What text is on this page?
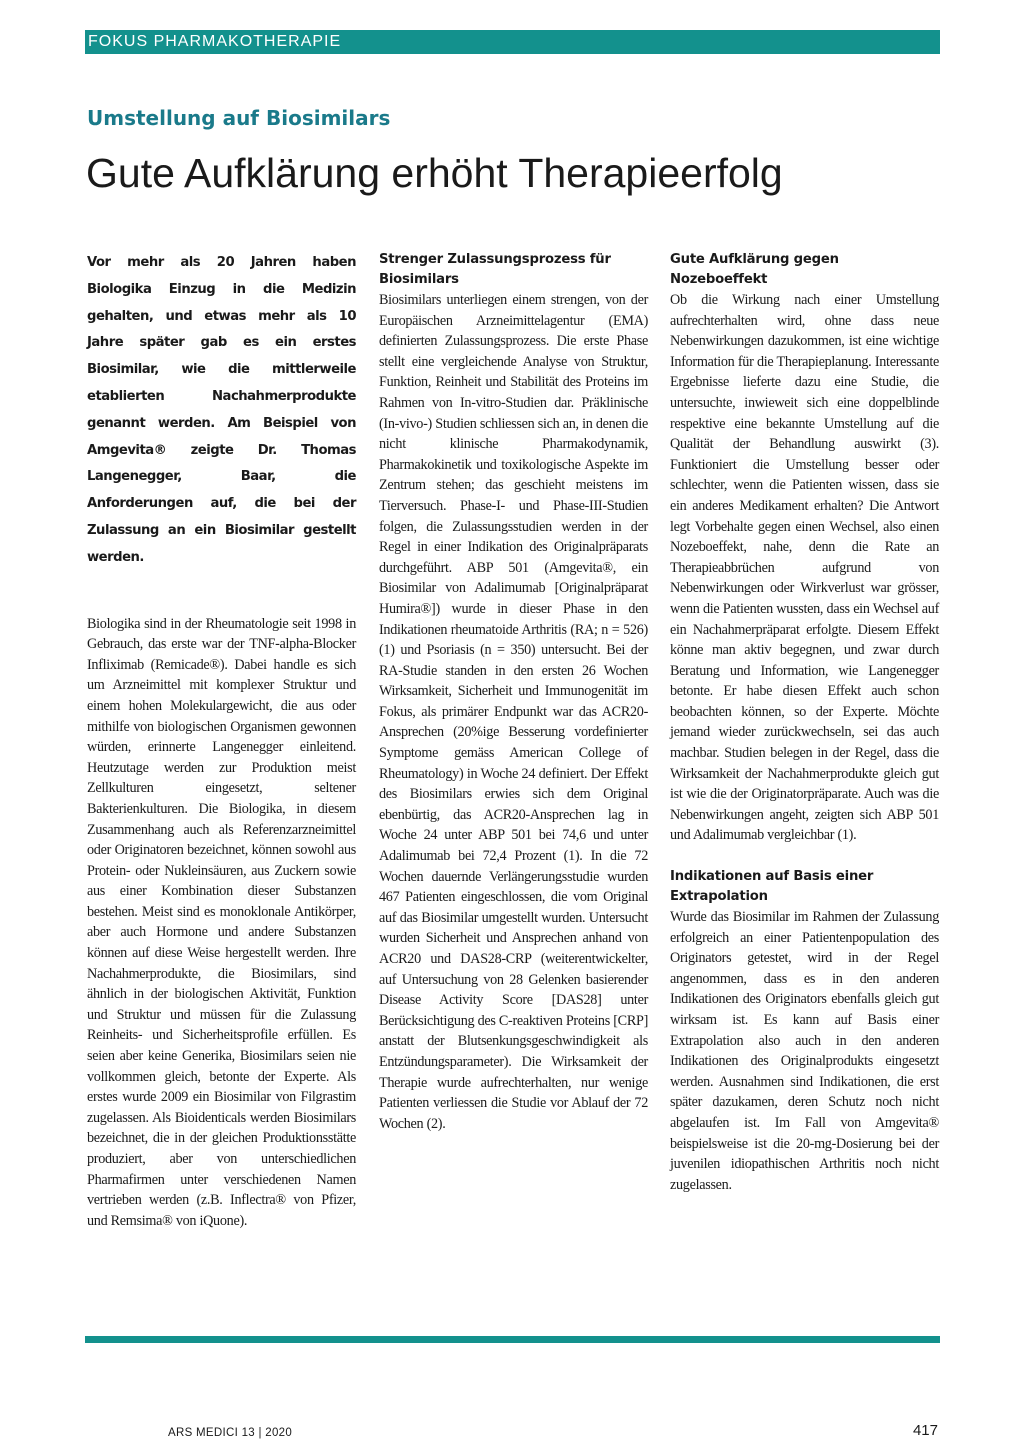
FOKUS PHARMAKOTHERAPIE
Umstellung auf Biosimilars
Gute Aufklärung erhöht Therapieerfolg

Vor mehr als 20 Jahren haben Biologika Einzug in die Medizin gehalten, und etwas mehr als 10 Jahre später gab es ein erstes Biosimilar, wie die mittlerweile etablierten Nachahmerprodukte genannt werden. Am Beispiel von Amgevita® zeigte Dr. Thomas Langenegger, Baar, die Anforderungen auf, die bei der Zulassung an ein Biosimilar gestellt werden.

Biologika sind in der Rheumatologie seit 1998 in Gebrauch, das erste war der TNF-alpha-Blocker Infliximab (Remicade®). Dabei handle es sich um Arzneimittel mit komplexer Struktur und einem hohen Molekulargewicht, die aus oder mithilfe von biologischen Organismen gewonnen würden, erinnerte Langenegger einleitend. Heutzutage werden zur Produktion meist Zellkulturen eingesetzt, seltener Bakterienkulturen. Die Biologika, in diesem Zusammenhang auch als Referenzarzneimittel oder Originatoren bezeichnet, können sowohl aus Protein- oder Nukleinsäuren, aus Zuckern sowie aus einer Kombination dieser Substanzen bestehen. Meist sind es monoklonale Antikörper, aber auch Hormone und andere Substanzen können auf diese Weise hergestellt werden. Ihre Nachahmerprodukte, die Biosimilars, sind ähnlich in der biologischen Aktivität, Funktion und Struktur und müssen für die Zulassung Reinheits- und Sicherheitsprofile erfüllen. Es seien aber keine Generika, Biosimilars seien nie vollkommen gleich, betonte der Experte. Als erstes wurde 2009 ein Biosimilar von Filgrastim zugelassen. Als Bioidenticals werden Biosimilars bezeichnet, die in der gleichen Produktionsstätte produziert, aber von unterschiedlichen Pharmafirmen unter verschiedenen Namen vertrieben werden (z.B. Inflectra® von Pfizer, und Remsima® von iQuone).

Strenger Zulassungsprozess für Biosimilars

Biosimilars unterliegen einem strengen, von der Europäischen Arzneimittelagentur (EMA) definierten Zulassungsprozess. Die erste Phase stellt eine vergleichende Analyse von Struktur, Funktion, Reinheit und Stabilität des Proteins im Rahmen von In-vitro-Studien dar. Präklinische (In-vivo-) Studien schliessen sich an, in denen die nicht klinische Pharmakodynamik, Pharmakokinetik und toxikologische Aspekte im Zentrum stehen; das geschieht meistens im Tierversuch. Phase-I- und Phase-III-Studien folgen, die Zulassungsstudien werden in der Regel in einer Indikation des Originalpräparats durchgeführt. ABP 501 (Amgevita®, ein Biosimilar von Adalimumab [Originalpräparat Humira®]) wurde in dieser Phase in den Indikationen rheumatoide Arthritis (RA; n = 526) (1) und Psoriasis (n = 350) untersucht. Bei der RA-Studie standen in den ersten 26 Wochen Wirksamkeit, Sicherheit und Immunogenität im Fokus, als primärer Endpunkt war das ACR20-Ansprechen (20%ige Besserung vordefinierter Symptome gemäss American College of Rheumatology) in Woche 24 definiert. Der Effekt des Biosimilars erwies sich dem Original ebenbürtig, das ACR20-Ansprechen lag in Woche 24 unter ABP 501 bei 74,6 und unter Adalimumab bei 72,4 Prozent (1). In die 72 Wochen dauernde Verlängerungsstudie wurden 467 Patienten eingeschlossen, die vom Original auf das Biosimilar umgestellt wurden. Untersucht wurden Sicherheit und Ansprechen anhand von ACR20 und DAS28-CRP (weiterentwickelter, auf Untersuchung von 28 Gelenken basierender Disease Activity Score [DAS28] unter Berücksichtigung des C-reaktiven Proteins [CRP] anstatt der Blutsenkungsgeschwindigkeit als Entzündungsparameter). Die Wirksamkeit der Therapie wurde aufrechterhalten, nur wenige Patienten verliessen die Studie vor Ablauf der 72 Wochen (2).

Gute Aufklärung gegen Nozeboeffekt

Ob die Wirkung nach einer Umstellung aufrechterhalten wird, ohne dass neue Nebenwirkungen dazukommen, ist eine wichtige Information für die Therapieplanung. Interessante Ergebnisse lieferte dazu eine Studie, die untersuchte, inwieweit sich eine doppelblinde respektive eine bekannte Umstellung auf die Qualität der Behandlung auswirkt (3). Funktioniert die Umstellung besser oder schlechter, wenn die Patienten wissen, dass sie ein anderes Medikament erhalten? Die Antwort legt Vorbehalte gegen einen Wechsel, also einen Nozeboeffekt, nahe, denn die Rate an Therapieabbrüchen aufgrund von Nebenwirkungen oder Wirkverlust war grösser, wenn die Patienten wussten, dass ein Wechsel auf ein Nachahmerpräparat erfolgte. Diesem Effekt könne man aktiv begegnen, und zwar durch Beratung und Information, wie Langenegger betonte. Er habe diesen Effekt auch schon beobachten können, so der Experte. Möchte jemand wieder zurückwechseln, sei das auch machbar. Studien belegen in der Regel, dass die Wirksamkeit der Nachahmerprodukte gleich gut ist wie die der Originatorpräparate. Auch was die Nebenwirkungen angeht, zeigten sich ABP 501 und Adalimumab vergleichbar (1).

Indikationen auf Basis einer Extrapolation

Wurde das Biosimilar im Rahmen der Zulassung erfolgreich an einer Patientenpopulation des Originators getestet, wird in der Regel angenommen, dass es in den anderen Indikationen des Originators ebenfalls gleich gut wirksam ist. Es kann auf Basis einer Extrapolation also auch in den anderen Indikationen des Originalprodukts eingesetzt werden. Ausnahmen sind Indikationen, die erst später dazukamen, deren Schutz noch nicht abgelaufen ist. Im Fall von Amgevita® beispielsweise ist die 20-mg-Dosierung bei der juvenilen idiopathischen Arthritis noch nicht zugelassen.

ARS MEDICI 13 | 2020	417
